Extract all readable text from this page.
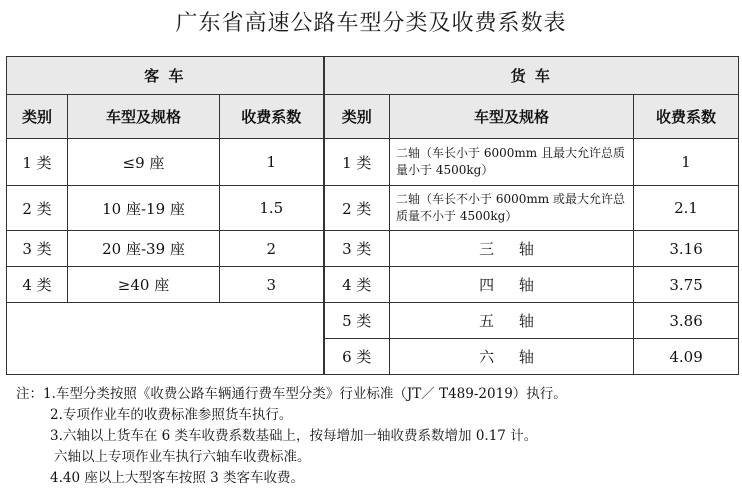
广东省高速公路车型分类及收费系数表
客 车			货 车		
类别	车型及规格	收费系数	类别	车型及规格	收费系数
1 类	≤9 座	1	1 类	二轴（车长小于 6000mm 且最大允许总质量小于 4500kg）	1
2 类	10 座-19 座	1.5	2 类	二轴（车长不小于 6000mm 或最大允许总质量不小于 4500kg）	2.1
3 类	20 座-39 座	2	3 类	三 轴	3.16
4 类	≥40 座	3	4 类	四 轴	3.75
			5 类	五 轴	3.86
			6 类	六 轴	4.09
注：1.车型分类按照《收费公路车辆通行费车型分类》行业标准（JT／ T489-2019）执行。
2.专项作业车的收费标准参照货车执行。
3.六轴以上货车在 6 类车收费系数基础上，按每增加一轴收费系数增加 0.17 计。
六轴以上专项作业车执行六轴车收费标准。
4.40 座以上大型客车按照 3 类客车收费。
